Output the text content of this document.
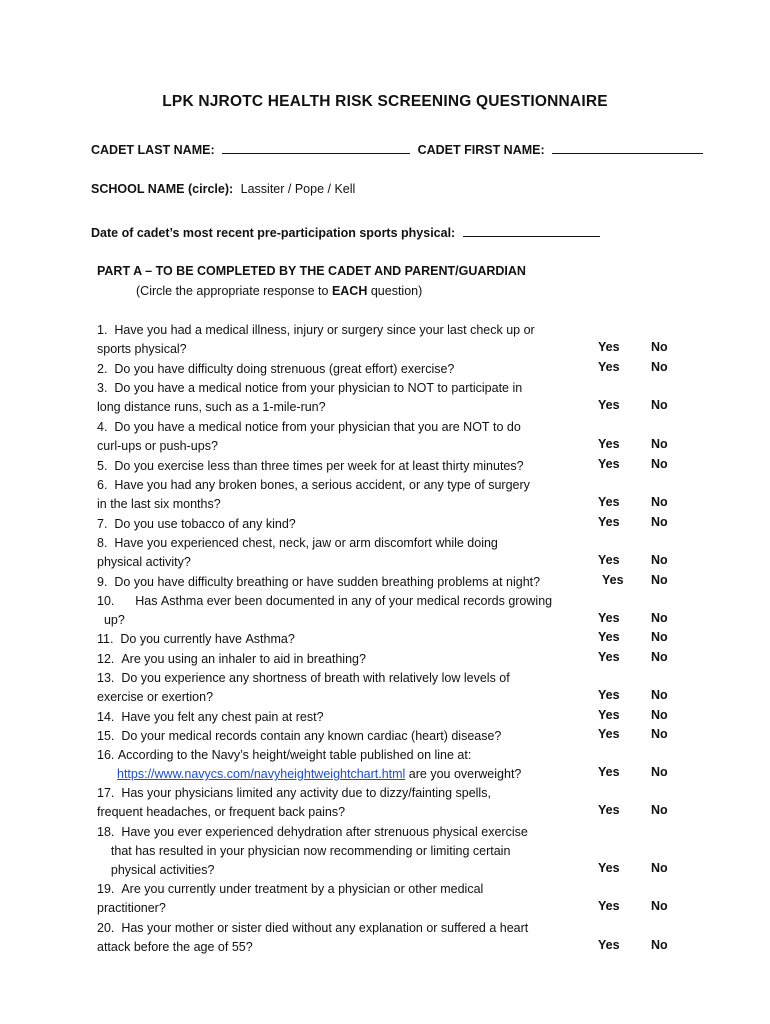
LPK NJROTC HEALTH RISK SCREENING QUESTIONNAIRE
CADET LAST NAME:	CADET FIRST NAME:
SCHOOL NAME (circle): Lassiter / Pope / Kell
Date of cadet’s most recent pre-participation sports physical:
PART A – TO BE COMPLETED BY THE CADET AND PARENT/GUARDIAN
(Circle the appropriate response to EACH question)
1.  Have you had a medical illness, injury or surgery since your last check up or
sports physical?	Yes	No
2.  Do you have difficulty doing strenuous (great effort) exercise?	Yes	No
3.  Do you have a medical notice from your physician to NOT to participate in
long distance runs, such as a 1-mile-run?	Yes	No
4.  Do you have a medical notice from your physician that you are NOT to do
curl-ups or push-ups?	Yes	No
5.  Do you exercise less than three times per week for at least thirty minutes?	Yes	No
6.  Have you had any broken bones, a serious accident, or any type of surgery
in the last six months?	Yes	No
7.  Do you use tobacco of any kind?	Yes	No
8.  Have you experienced chest, neck, jaw or arm discomfort while doing
physical activity?	Yes	No
9.  Do you have difficulty breathing or have sudden breathing problems at night?	Yes No
10.      Has Asthma ever been documented in any of your medical records growing
up?	Yes	No
11.  Do you currently have Asthma?	Yes	No
12.  Are you using an inhaler to aid in breathing?	Yes	No
13.  Do you experience any shortness of breath with relatively low levels of
exercise or exertion?	Yes	No
14.  Have you felt any chest pain at rest?	Yes	No
15.  Do your medical records contain any known cardiac (heart) disease?	Yes	No
16. According to the Navy’s height/weight table published on line at:
https://www.navycs.com/navyheightweightchart.html are you overweight?	Yes	No
17.  Has your physicians limited any activity due to dizzy/fainting spells,
frequent headaches, or frequent back pains?	Yes	No
18.  Have you ever experienced dehydration after strenuous physical exercise
that has resulted in your physician now recommending or limiting certain
physical activities?	Yes	No
19.  Are you currently under treatment by a physician or other medical
practitioner?	Yes	No
20.  Has your mother or sister died without any explanation or suffered a heart
attack before the age of 55?	Yes	No
